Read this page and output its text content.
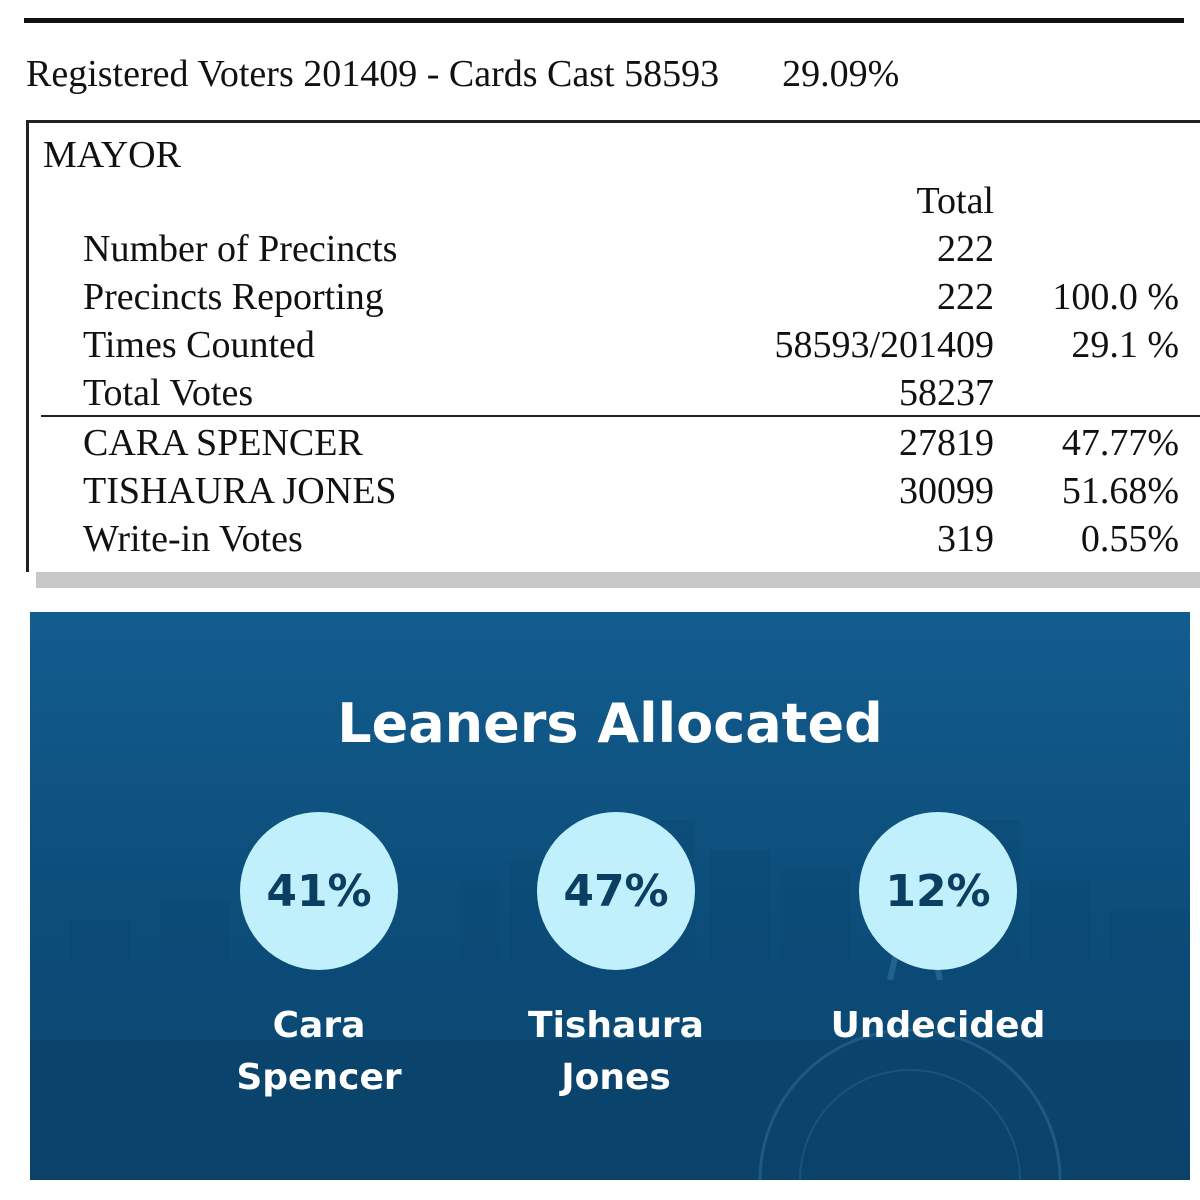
Registered Voters 201409 - Cards Cast 58593 29.09%
MAYOR
Total
Number of Precincts	222
Precincts Reporting	222 100.0 %
Times Counted	58593/201409 29.1 %
Total Votes	58237
CARA SPENCER	27819 47.77%
TISHAURA JONES	30099 51.68%
Write-in Votes	319 0.55%
Leaners Allocated
41%	47%	12%
Cara
Spencer
Tishaura
Jones
Undecided
